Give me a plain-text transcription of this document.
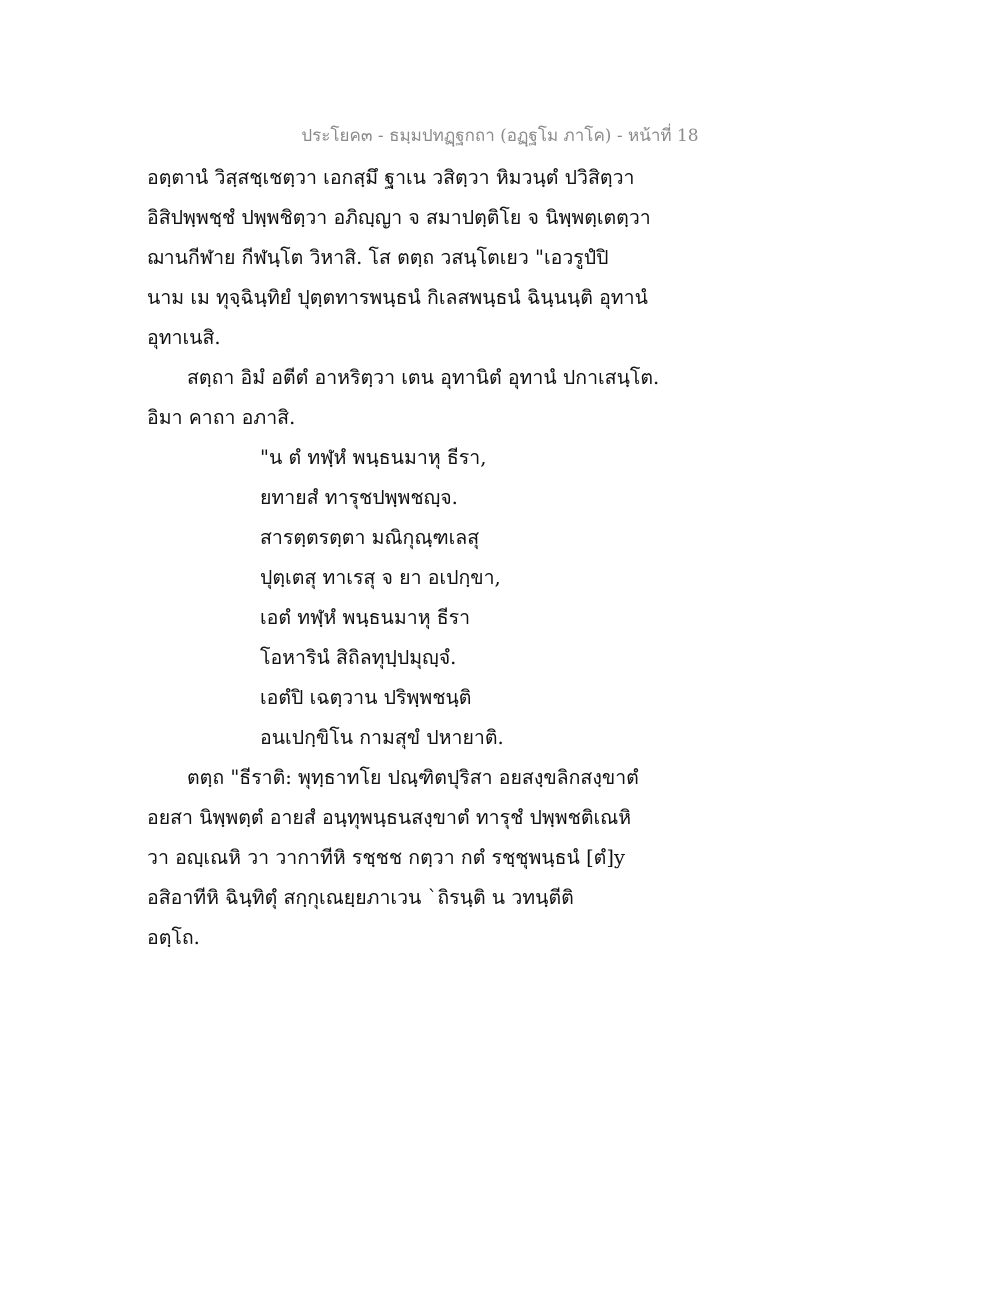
ประโยค๓ - ธมฺมปทฏฺฐกถา (อฏฺฐโม ภาโค) - หน้าที่ 18
อตฺตานํ วิสฺสชฺเชตฺวา เอกสฺมึ ฐาเน วสิตฺวา หิมวนฺตํ ปวิสิตฺวา
อิสิปพฺพชฺชํ ปพฺพชิตฺวา อภิญฺญา จ สมาปตฺติโย จ นิพฺพตฺเตตฺวา
ฌานกีฬาย กีฬนฺโต วิหาสิ. โส ตตฺถ วสนฺโตเยว "เอวรูปํปิ
นาม เม ทุจฺฉินฺทิยํ ปุตฺตทารพนฺธนํ กิเลสพนฺธนํ ฉินฺนนฺติ อุทานํ
อุทาเนสิ.
สตฺถา อิมํ อตีตํ อาหริตฺวา เตน อุทานิตํ อุทานํ ปกาเสนฺโต.
อิมา คาถา อภาสิ.
"น ตํ ทฬฺหํ พนฺธนมาหุ ธีรา,
ยทายสํ ทารุชปพฺพชญฺจ.
สารตฺตรตฺตา มณิกุณฺฑเลสุ
ปุตฺเตสุ ทาเรสุ จ ยา อเปกฺขา,
เอตํ ทฬฺหํ พนฺธนมาหุ ธีรา
โอหารินํ สิถิลทุปฺปมุญฺจํ.
เอตํปิ เฉตฺวาน ปริพฺพชนฺติ
อนเปกฺขิโน กามสุขํ ปหายาติ.
ตตฺถ "ธีราติ: พุทฺธาทโย ปณฺฑิตปุริสา อยสงฺขลิกสงฺขาตํ
อยสา นิพฺพตฺตํ อายสํ อนฺทุพนฺธนสงฺขาตํ ทารุชํ ปพฺพชติเณหิ
วา อญฺเณหิ วา วากาทีหิ รชฺชช กตฺวา กตํ รชฺชุพนฺธนํ [ตํ]y
อสิอาทีหิ ฉินฺทิตุํ สกฺกุเณยฺยภาเวน `ถิรนฺติ น วทนฺตีติ
อตฺโถ.
